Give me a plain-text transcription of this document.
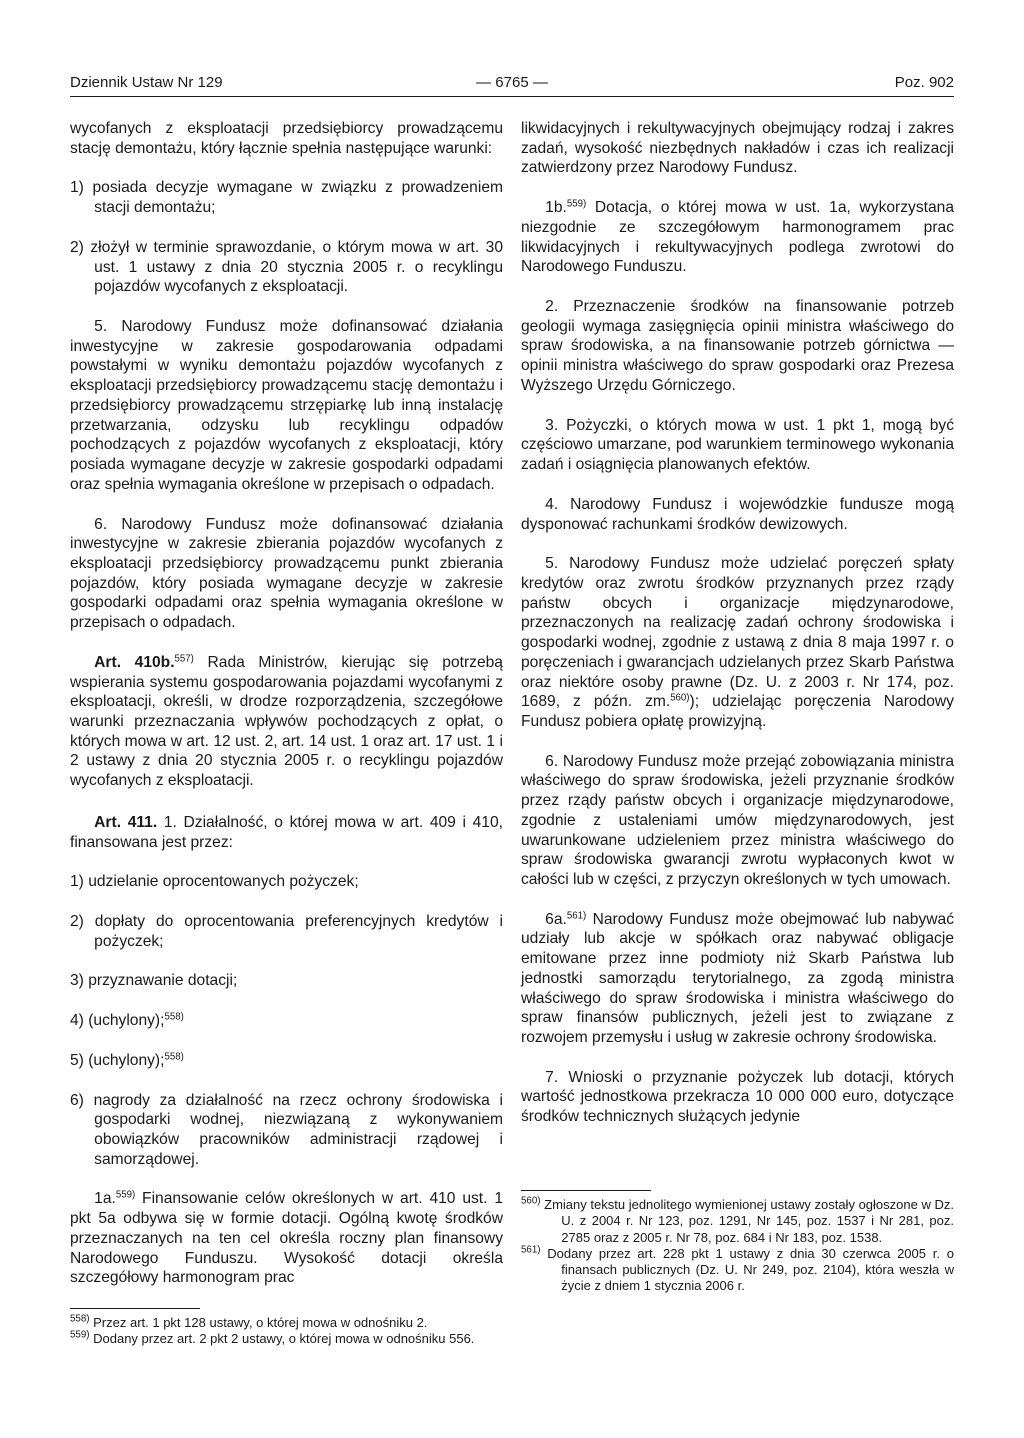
Dziennik Ustaw Nr 129	— 6765 —	Poz. 902

wycofanych z eksploatacji przedsiębiorcy prowadzącemu stację demontażu, który łącznie spełnia następujące warunki:

1) posiada decyzje wymagane w związku z prowadzeniem stacji demontażu;

2) złożył w terminie sprawozdanie, o którym mowa w art. 30 ust. 1 ustawy z dnia 20 stycznia 2005 r. o recyklingu pojazdów wycofanych z eksploatacji.

5. Narodowy Fundusz może dofinansować działania inwestycyjne w zakresie gospodarowania odpadami powstałymi w wyniku demontażu pojazdów wycofanych z eksploatacji przedsiębiorcy prowadzącemu stację demontażu i przedsiębiorcy prowadzącemu strzępiarkę lub inną instalację przetwarzania, odzysku lub recyklingu odpadów pochodzących z pojazdów wycofanych z eksploatacji, który posiada wymagane decyzje w zakresie gospodarki odpadami oraz spełnia wymagania określone w przepisach o odpadach.

6. Narodowy Fundusz może dofinansować działania inwestycyjne w zakresie zbierania pojazdów wycofanych z eksploatacji przedsiębiorcy prowadzącemu punkt zbierania pojazdów, który posiada wymagane decyzje w zakresie gospodarki odpadami oraz spełnia wymagania określone w przepisach o odpadach.

Art. 410b.$^{557)}$ Rada Ministrów, kierując się potrzebą wspierania systemu gospodarowania pojazdami wycofanymi z eksploatacji, określi, w drodze rozporządzenia, szczegółowe warunki przeznaczania wpływów pochodzących z opłat, o których mowa w art. 12 ust. 2, art. 14 ust. 1 oraz art. 17 ust. 1 i 2 ustawy z dnia 20 stycznia 2005 r. o recyklingu pojazdów wycofanych z eksploatacji.

Art. 411. 1. Działalność, o której mowa w art. 409 i 410, finansowana jest przez:

1) udzielanie oprocentowanych pożyczek;

2) dopłaty do oprocentowania preferencyjnych kredytów i pożyczek;

3) przyznawanie dotacji;

4) (uchylony);$^{558)}$

5) (uchylony);$^{558)}$

6) nagrody za działalność na rzecz ochrony środowiska i gospodarki wodnej, niezwiązaną z wykonywaniem obowiązków pracowników administracji rządowej i samorządowej.

1a.$^{559)}$ Finansowanie celów określonych w art. 410 ust. 1 pkt 5a odbywa się w formie dotacji. Ogólną kwotę środków przeznaczanych na ten cel określa roczny plan finansowy Narodowego Funduszu. Wysokość dotacji określa szczegółowy harmonogram prac

$^{558)}$ Przez art. 1 pkt 128 ustawy, o której mowa w odnośniku 2.

$^{559)}$ Dodany przez art. 2 pkt 2 ustawy, o której mowa w odnośniku 556.

likwidacyjnych i rekultywacyjnych obejmujący rodzaj i zakres zadań, wysokość niezbędnych nakładów i czas ich realizacji zatwierdzony przez Narodowy Fundusz.

1b.$^{559)}$ Dotacja, o której mowa w ust. 1a, wykorzystana niezgodnie ze szczegółowym harmonogramem prac likwidacyjnych i rekultywacyjnych podlega zwrotowi do Narodowego Funduszu.

2. Przeznaczenie środków na finansowanie potrzeb geologii wymaga zasięgnięcia opinii ministra właściwego do spraw środowiska, a na finansowanie potrzeb górnictwa — opinii ministra właściwego do spraw gospodarki oraz Prezesa Wyższego Urzędu Górniczego.

3. Pożyczki, o których mowa w ust. 1 pkt 1, mogą być częściowo umarzane, pod warunkiem terminowego wykonania zadań i osiągnięcia planowanych efektów.

4. Narodowy Fundusz i wojewódzkie fundusze mogą dysponować rachunkami środków dewizowych.

5. Narodowy Fundusz może udzielać poręczeń spłaty kredytów oraz zwrotu środków przyznanych przez rządy państw obcych i organizacje międzynarodowe, przeznaczonych na realizację zadań ochrony środowiska i gospodarki wodnej, zgodnie z ustawą z dnia 8 maja 1997 r. o poręczeniach i gwarancjach udzielanych przez Skarb Państwa oraz niektóre osoby prawne (Dz. U. z 2003 r. Nr 174, poz. 1689, z późn. zm.$^{560)}$); udzielając poręczenia Narodowy Fundusz pobiera opłatę prowizyjną.

6. Narodowy Fundusz może przejąć zobowiązania ministra właściwego do spraw środowiska, jeżeli przyznanie środków przez rządy państw obcych i organizacje międzynarodowe, zgodnie z ustaleniami umów międzynarodowych, jest uwarunkowane udzieleniem przez ministra właściwego do spraw środowiska gwarancji zwrotu wypłaconych kwot w całości lub w części, z przyczyn określonych w tych umowach.

6a.$^{561)}$ Narodowy Fundusz może obejmować lub nabywać udziały lub akcje w spółkach oraz nabywać obligacje emitowane przez inne podmioty niż Skarb Państwa lub jednostki samorządu terytorialnego, za zgodą ministra właściwego do spraw środowiska i ministra właściwego do spraw finansów publicznych, jeżeli jest to związane z rozwojem przemysłu i usług w zakresie ochrony środowiska.

7. Wnioski o przyznanie pożyczek lub dotacji, których wartość jednostkowa przekracza 10 000 000 euro, dotyczące środków technicznych służących jedynie

$^{560)}$ Zmiany tekstu jednolitego wymienionej ustawy zostały ogłoszone w Dz. U. z 2004 r. Nr 123, poz. 1291, Nr 145, poz. 1537 i Nr 281, poz. 2785 oraz z 2005 r. Nr 78, poz. 684 i Nr 183, poz. 1538.

$^{561)}$ Dodany przez art. 228 pkt 1 ustawy z dnia 30 czerwca 2005 r. o finansach publicznych (Dz. U. Nr 249, poz. 2104), która weszła w życie z dniem 1 stycznia 2006 r.
